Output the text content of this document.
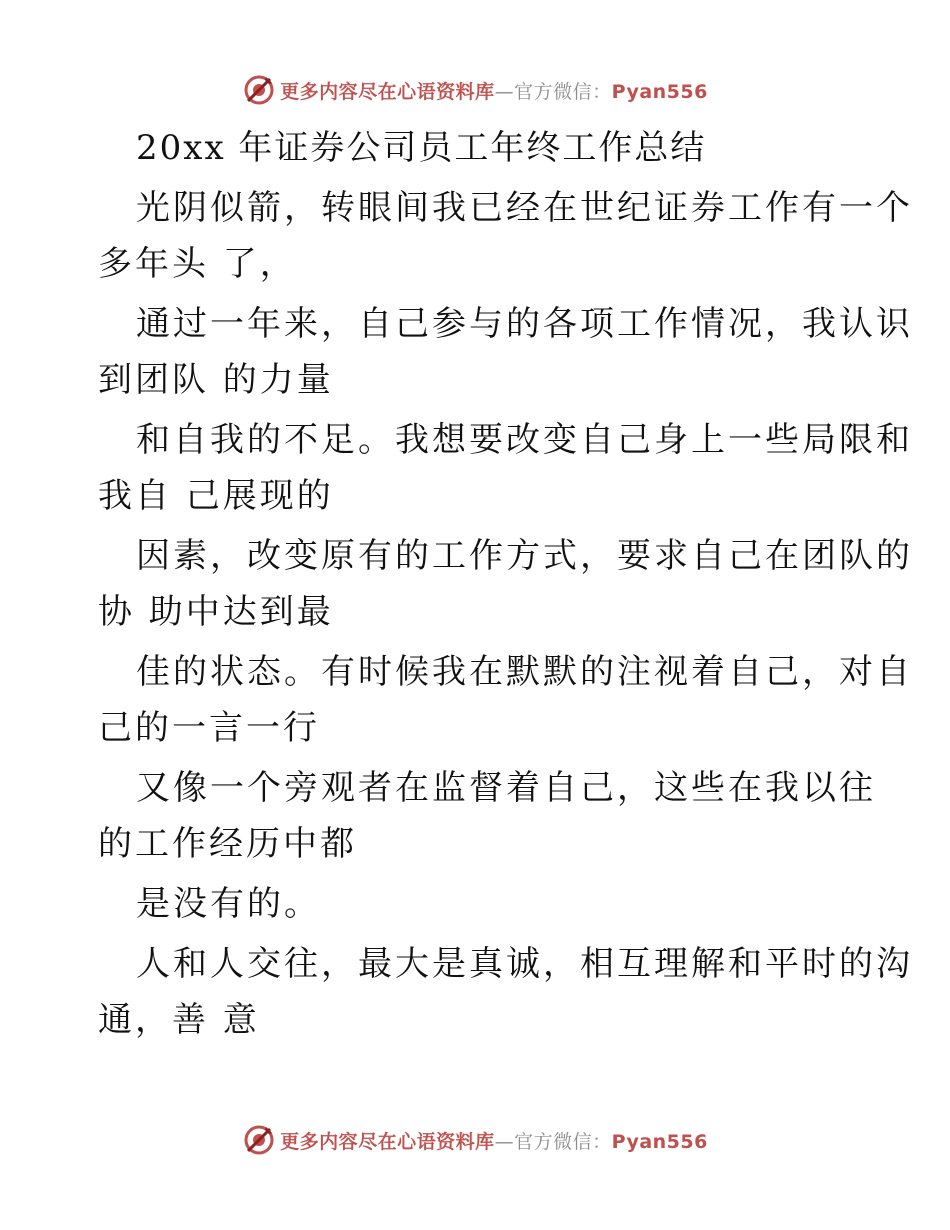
更多内容尽在心语资料库—官方微信：Pyan556
20xx 年证券公司员工年终工作总结
光阴似箭，转眼间我已经在世纪证券工作有一个
多年头 了，
通过一年来，自己参与的各项工作情况，我认识
到团队 的力量
和自我的不足。我想要改变自己身上一些局限和
我自 己展现的
因素，改变原有的工作方式，要求自己在团队的
协 助中达到最
佳的状态。有时候我在默默的注视着自己，对自
己的一言一行
又像一个旁观者在监督着自己，这些在我以往
的工作经历中都
是没有的。
人和人交往，最大是真诚，相互理解和平时的沟
通，善 意
更多内容尽在心语资料库—官方微信：Pyan556
